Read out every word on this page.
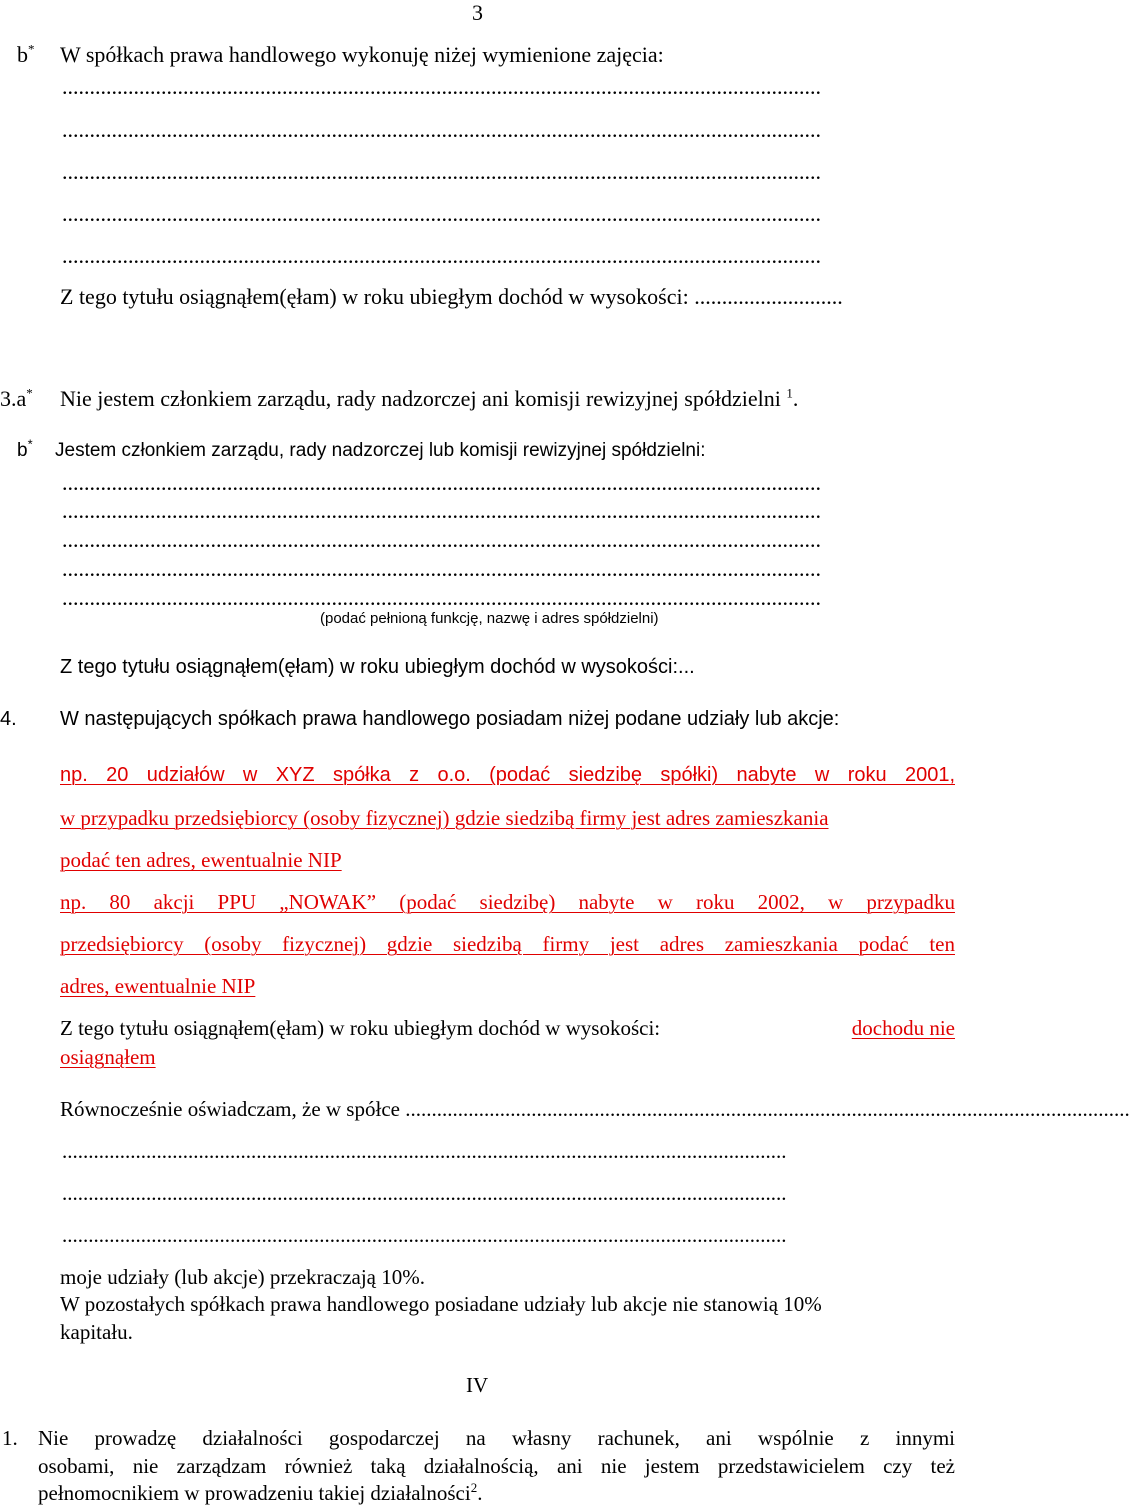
3
b* W spółkach prawa handlowego wykonuję niżej wymienione zajęcia:
..........................................................................................................................................
..........................................................................................................................................
..........................................................................................................................................
..........................................................................................................................................
..........................................................................................................................................
Z tego tytułu osiągnąłem(ęłam) w roku ubiegłym dochód w wysokości: ...........................
3.a* Nie jestem członkiem zarządu, rady nadzorczej ani komisji rewizyjnej spółdzielni $^1$.
b* Jestem członkiem zarządu, rady nadzorczej lub komisji rewizyjnej spółdzielni:
..........................................................................................................................................
..........................................................................................................................................
..........................................................................................................................................
..........................................................................................................................................
..........................................................................................................................................
(podać pełnioną funkcję, nazwę i adres spółdzielni)
Z tego tytułu osiągnąłem(ęłam) w roku ubiegłym dochód w wysokości:...
4. W następujących spółkach prawa handlowego posiadam niżej podane udziały lub akcje:
np. 20 udziałów w XYZ spółka z o.o. (podać siedzibę spółki) nabyte w roku 2001,
w przypadku przedsiębiorcy (osoby fizycznej) gdzie siedzibą firmy jest adres zamieszkania
podać ten adres, ewentualnie NIP
np. 80 akcji PPU „NOWAK” (podać siedzibę) nabyte w roku 2002, w przypadku
przedsiębiorcy (osoby fizycznej) gdzie siedzibą firmy jest adres zamieszkania podać ten
adres, ewentualnie NIP
Z tego tytułu osiągnąłem(ęłam) w roku ubiegłym dochód w wysokości:	dochodu nie
osiągnąłem
Równocześnie oświadczam, że w spółce ..........................................................................................................................................
..........................................................................................................................................
..........................................................................................................................................
..........................................................................................................................................
moje udziały (lub akcje) przekraczają 10%.
W pozostałych spółkach prawa handlowego posiadane udziały lub akcje nie stanowią 10%
kapitału.
IV
1. Nie prowadzę działalności gospodarczej na własny rachunek, ani wspólnie z innymi
osobami, nie zarządzam również taką działalnością, ani nie jestem przedstawicielem czy też
pełnomocnikiem w prowadzeniu takiej działalności$^2$.
